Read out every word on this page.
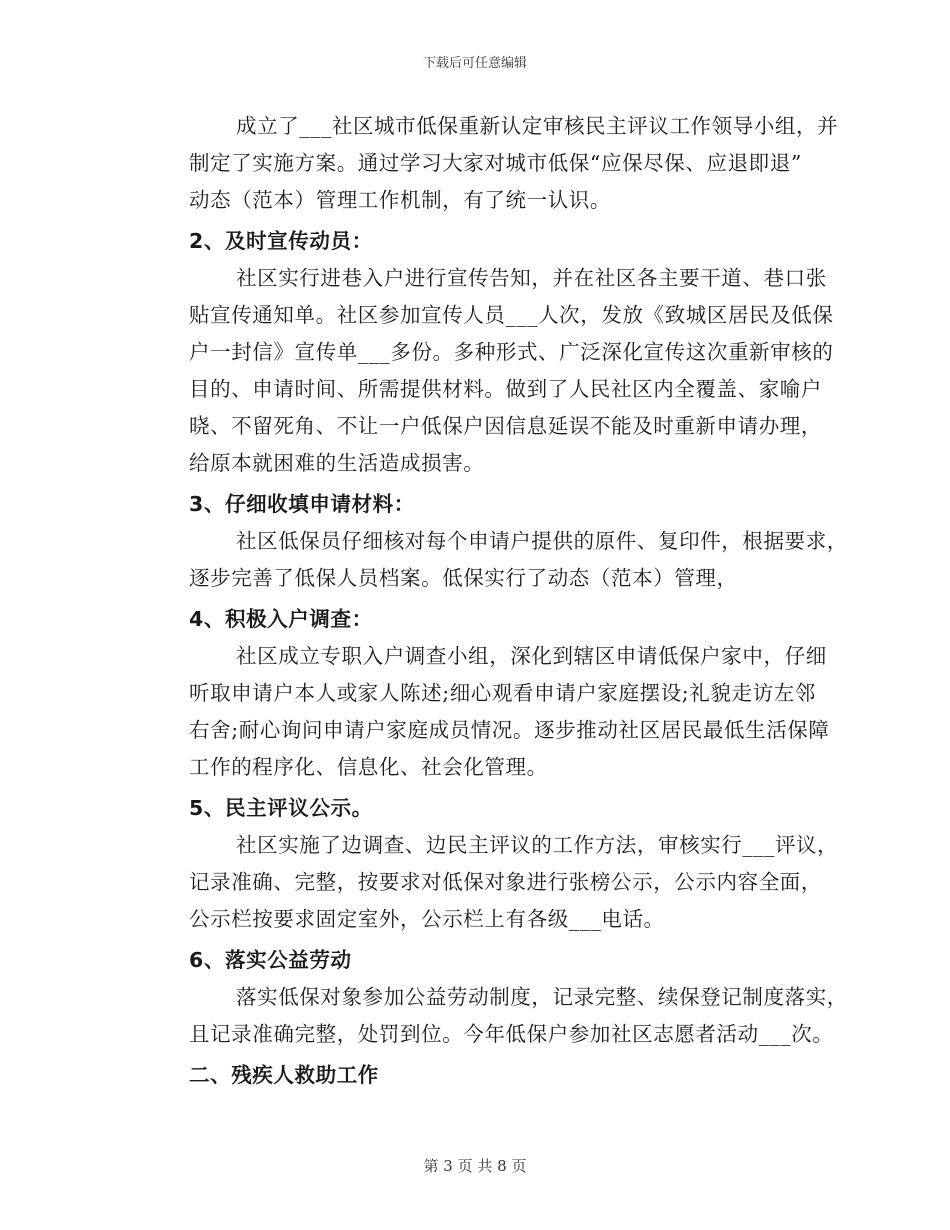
下载后可任意编辑
成立了___社区城市低保重新认定审核民主评议工作领导小组，并
制定了实施方案。通过学习大家对城市低保“应保尽保、应退即退”
动态（范本）管理工作机制，有了统一认识。
2、及时宣传动员：
社区实行进巷入户进行宣传告知，并在社区各主要干道、巷口张
贴宣传通知单。社区参加宣传人员___人次，发放《致城区居民及低保
户一封信》宣传单___多份。多种形式、广泛深化宣传这次重新审核的
目的、申请时间、所需提供材料。做到了人民社区内全覆盖、家喻户
晓、不留死角、不让一户低保户因信息延误不能及时重新申请办理，
给原本就困难的生活造成损害。
3、仔细收填申请材料：
社区低保员仔细核对每个申请户提供的原件、复印件，根据要求，
逐步完善了低保人员档案。低保实行了动态（范本）管理，
4、积极入户调查：
社区成立专职入户调查小组，深化到辖区申请低保户家中，仔细
听取申请户本人或家人陈述;细心观看申请户家庭摆设;礼貌走访左邻
右舍;耐心询问申请户家庭成员情况。逐步推动社区居民最低生活保障
工作的程序化、信息化、社会化管理。
5、民主评议公示。
社区实施了边调查、边民主评议的工作方法，审核实行___评议，
记录准确、完整，按要求对低保对象进行张榜公示，公示内容全面，
公示栏按要求固定室外，公示栏上有各级___电话。
6、落实公益劳动
落实低保对象参加公益劳动制度，记录完整、续保登记制度落实，
且记录准确完整，处罚到位。今年低保户参加社区志愿者活动___次。
二、残疾人救助工作
第 3 页 共 8 页
